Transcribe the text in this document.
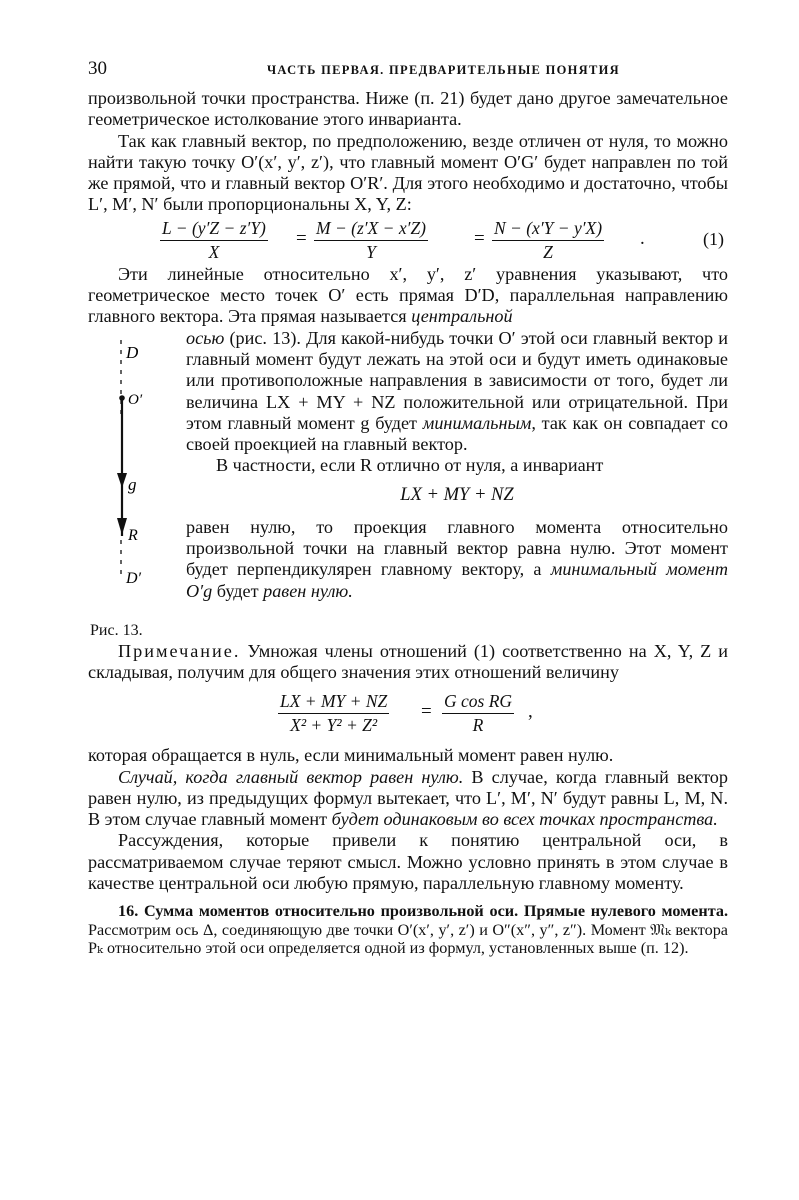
30	ЧАСТЬ ПЕРВАЯ. ПРЕДВАРИТЕЛЬНЫЕ ПОНЯТИЯ

произвольной точки пространства. Ниже (п. 21) будет дано другое замечательное геометрическое истолкование этого инварианта.

Так как главный вектор, по предположению, везде отличен от нуля, то можно найти такую точку O′(x′, y′, z′), что главный момент O′G′ будет направлен по той же прямой, что и главный вектор O′R′. Для этого необходимо и достаточно, чтобы L′, M′, N′ были пропорциональны X, Y, Z:

$\frac{L - (y'Z - z'Y)}{X} = \frac{M - (z'X - x'Z)}{Y} = \frac{N - (x'Y - y'X)}{Z}$ .	(1)

Эти линейные относительно x′, y′, z′ уравнения указывают, что геометрическое место точек O′ есть прямая D′D, параллельная направлению главного вектора. Эта прямая называется центральной

D
O′
g
R
D′
Рис. 13.

осью (рис. 13). Для какой-нибудь точки O′ этой оси главный вектор и главный момент будут лежать на этой оси и будут иметь одинаковые или противоположные направления в зависимости от того, будет ли величина LX + MY + NZ положительной или отрицательной. При этом главный момент g будет минимальным, так как он совпадает со своей проекцией на главный вектор.

В частности, если R отлично от нуля, а инвариант

LX + MY + NZ

равен нулю, то проекция главного момента относительно произвольной точки на главный вектор равна нулю. Этот момент будет перпендикулярен главному вектору, а минимальный момент O′g будет равен нулю.

Примечание. Умножая члены отношений (1) соответственно на X, Y, Z и складывая, получим для общего значения этих отношений величину

$\frac{LX + MY + NZ}{\text{X² + Y² + Z²}} = \frac{\text{G cos RG}}{R}$ ,

которая обращается в нуль, если минимальный момент равен нулю.

Случай, когда главный вектор равен нулю. В случае, когда главный вектор равен нулю, из предыдущих формул вытекает, что L′, M′, N′ будут равны L, M, N. В этом случае главный момент будет одинаковым во всех точках пространства.

Рассуждения, которые привели к понятию центральной оси, в рассматриваемом случае теряют смысл. Можно условно принять в этом случае в качестве центральной оси любую прямую, параллельную главному моменту.

16. Сумма моментов относительно произвольной оси. Прямые нулевого момента. Рассмотрим ось Δ, соединяющую две точки O′(x′, y′, z′) и O″(x″, y″, z″). Момент 𝔐ₖ вектора Pₖ относительно этой оси определяется одной из формул, установленных выше (п. 12).
